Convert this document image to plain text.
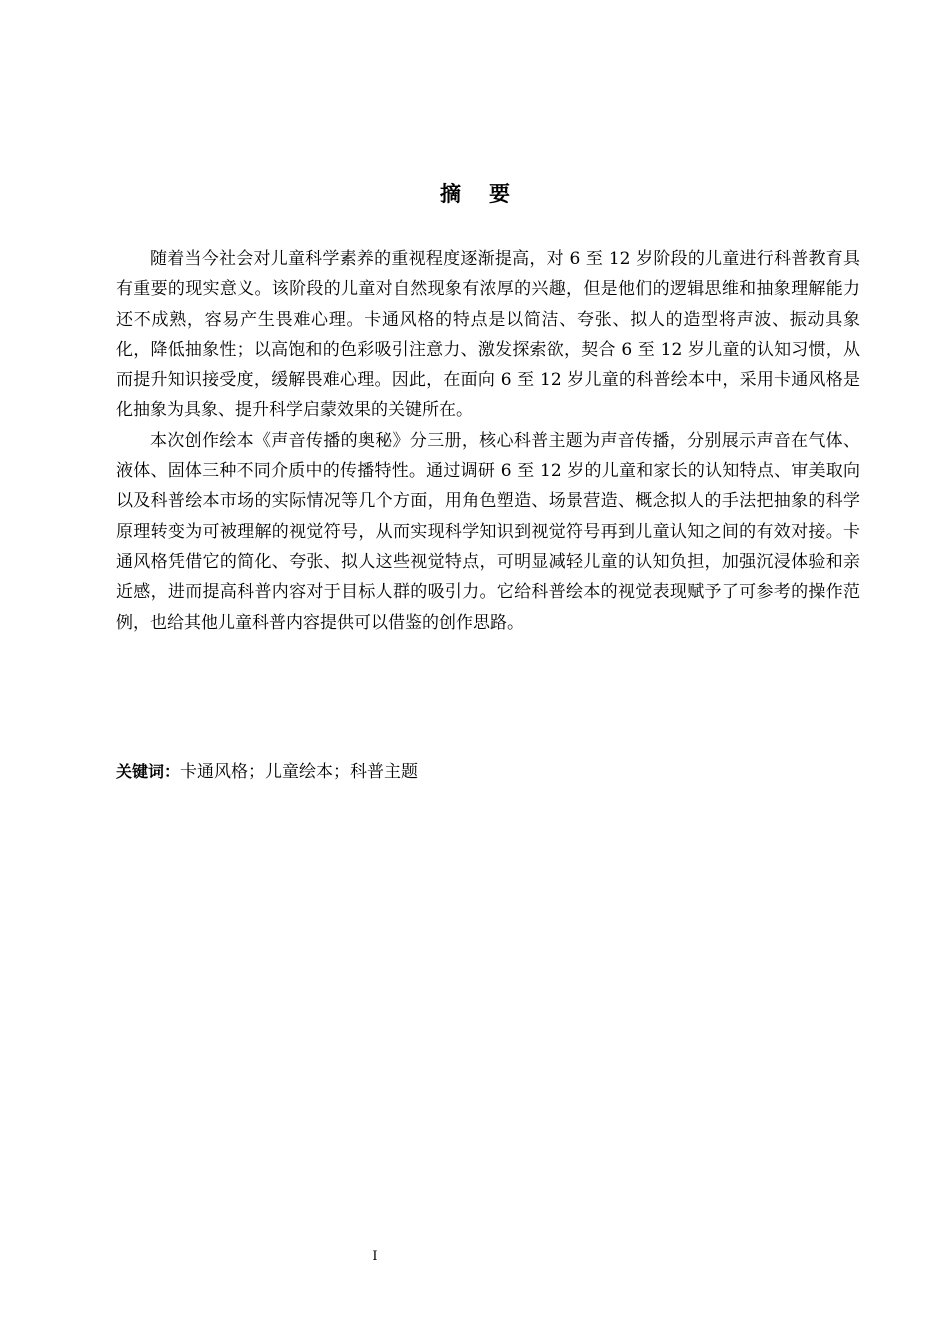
摘要

随着当今社会对儿童科学素养的重视程度逐渐提高，对 6 至 12 岁阶段的儿童进行科普教育具有重要的现实意义。该阶段的儿童对自然现象有浓厚的兴趣，但是他们的逻辑思维和抽象理解能力还不成熟，容易产生畏难心理。卡通风格的特点是以简洁、夸张、拟人的造型将声波、振动具象化，降低抽象性；以高饱和的色彩吸引注意力、激发探索欲，契合 6 至 12 岁儿童的认知习惯，从而提升知识接受度，缓解畏难心理。因此，在面向 6 至 12 岁儿童的科普绘本中，采用卡通风格是化抽象为具象、提升科学启蒙效果的关键所在。

本次创作绘本《声音传播的奥秘》分三册，核心科普主题为声音传播，分别展示声音在气体、液体、固体三种不同介质中的传播特性。通过调研 6 至 12 岁的儿童和家长的认知特点、审美取向以及科普绘本市场的实际情况等几个方面，用角色塑造、场景营造、概念拟人的手法把抽象的科学原理转变为可被理解的视觉符号，从而实现科学知识到视觉符号再到儿童认知之间的有效对接。卡通风格凭借它的简化、夸张、拟人这些视觉特点，可明显减轻儿童的认知负担，加强沉浸体验和亲近感，进而提高科普内容对于目标人群的吸引力。它给科普绘本的视觉表现赋予了可参考的操作范例，也给其他儿童科普内容提供可以借鉴的创作思路。

关键词：卡通风格；儿童绘本；科普主题

I
